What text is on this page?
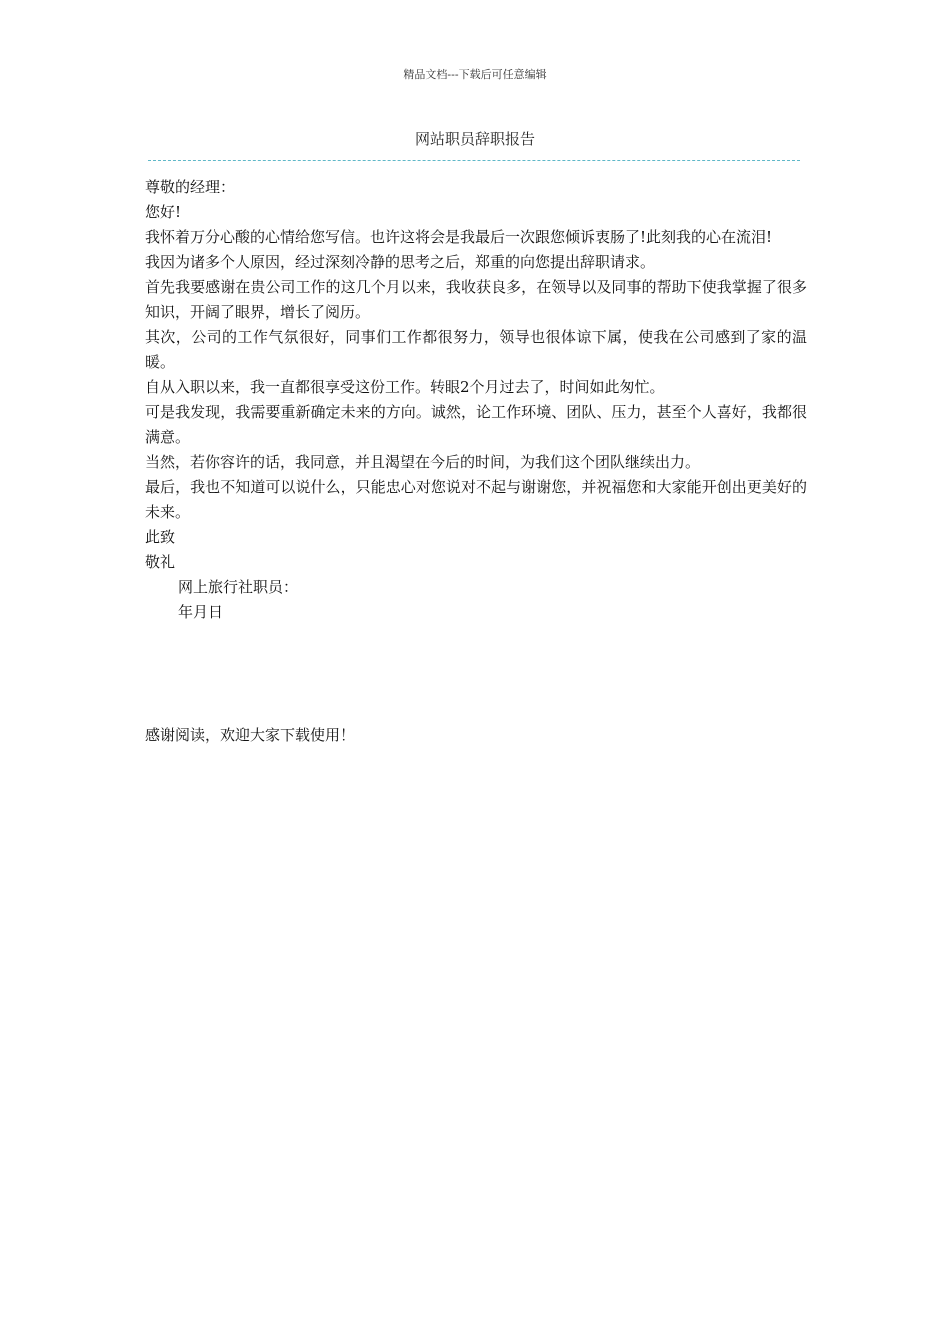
精品文档---下载后可任意编辑
网站职员辞职报告

尊敬的经理：

您好!

我怀着万分心酸的心情给您写信。也许这将会是我最后一次跟您倾诉衷肠了!此刻我的心在流泪!

我因为诸多个人原因，经过深刻冷静的思考之后，郑重的向您提出辞职请求。

首先我要感谢在贵公司工作的这几个月以来，我收获良多，在领导以及同事的帮助下使我掌握了很多知识，开阔了眼界，增长了阅历。

其次，公司的工作气氛很好，同事们工作都很努力，领导也很体谅下属，使我在公司感到了家的温暖。

自从入职以来，我一直都很享受这份工作。转眼2个月过去了，时间如此匆忙。

可是我发现，我需要重新确定未来的方向。诚然，论工作环境、团队、压力，甚至个人喜好，我都很满意。

当然，若你容许的话，我同意，并且渴望在今后的时间，为我们这个团队继续出力。

最后，我也不知道可以说什么，只能忠心对您说对不起与谢谢您，并祝福您和大家能开创出更美好的未来。

此致

敬礼

网上旅行社职员：

年月日

感谢阅读，欢迎大家下载使用！
